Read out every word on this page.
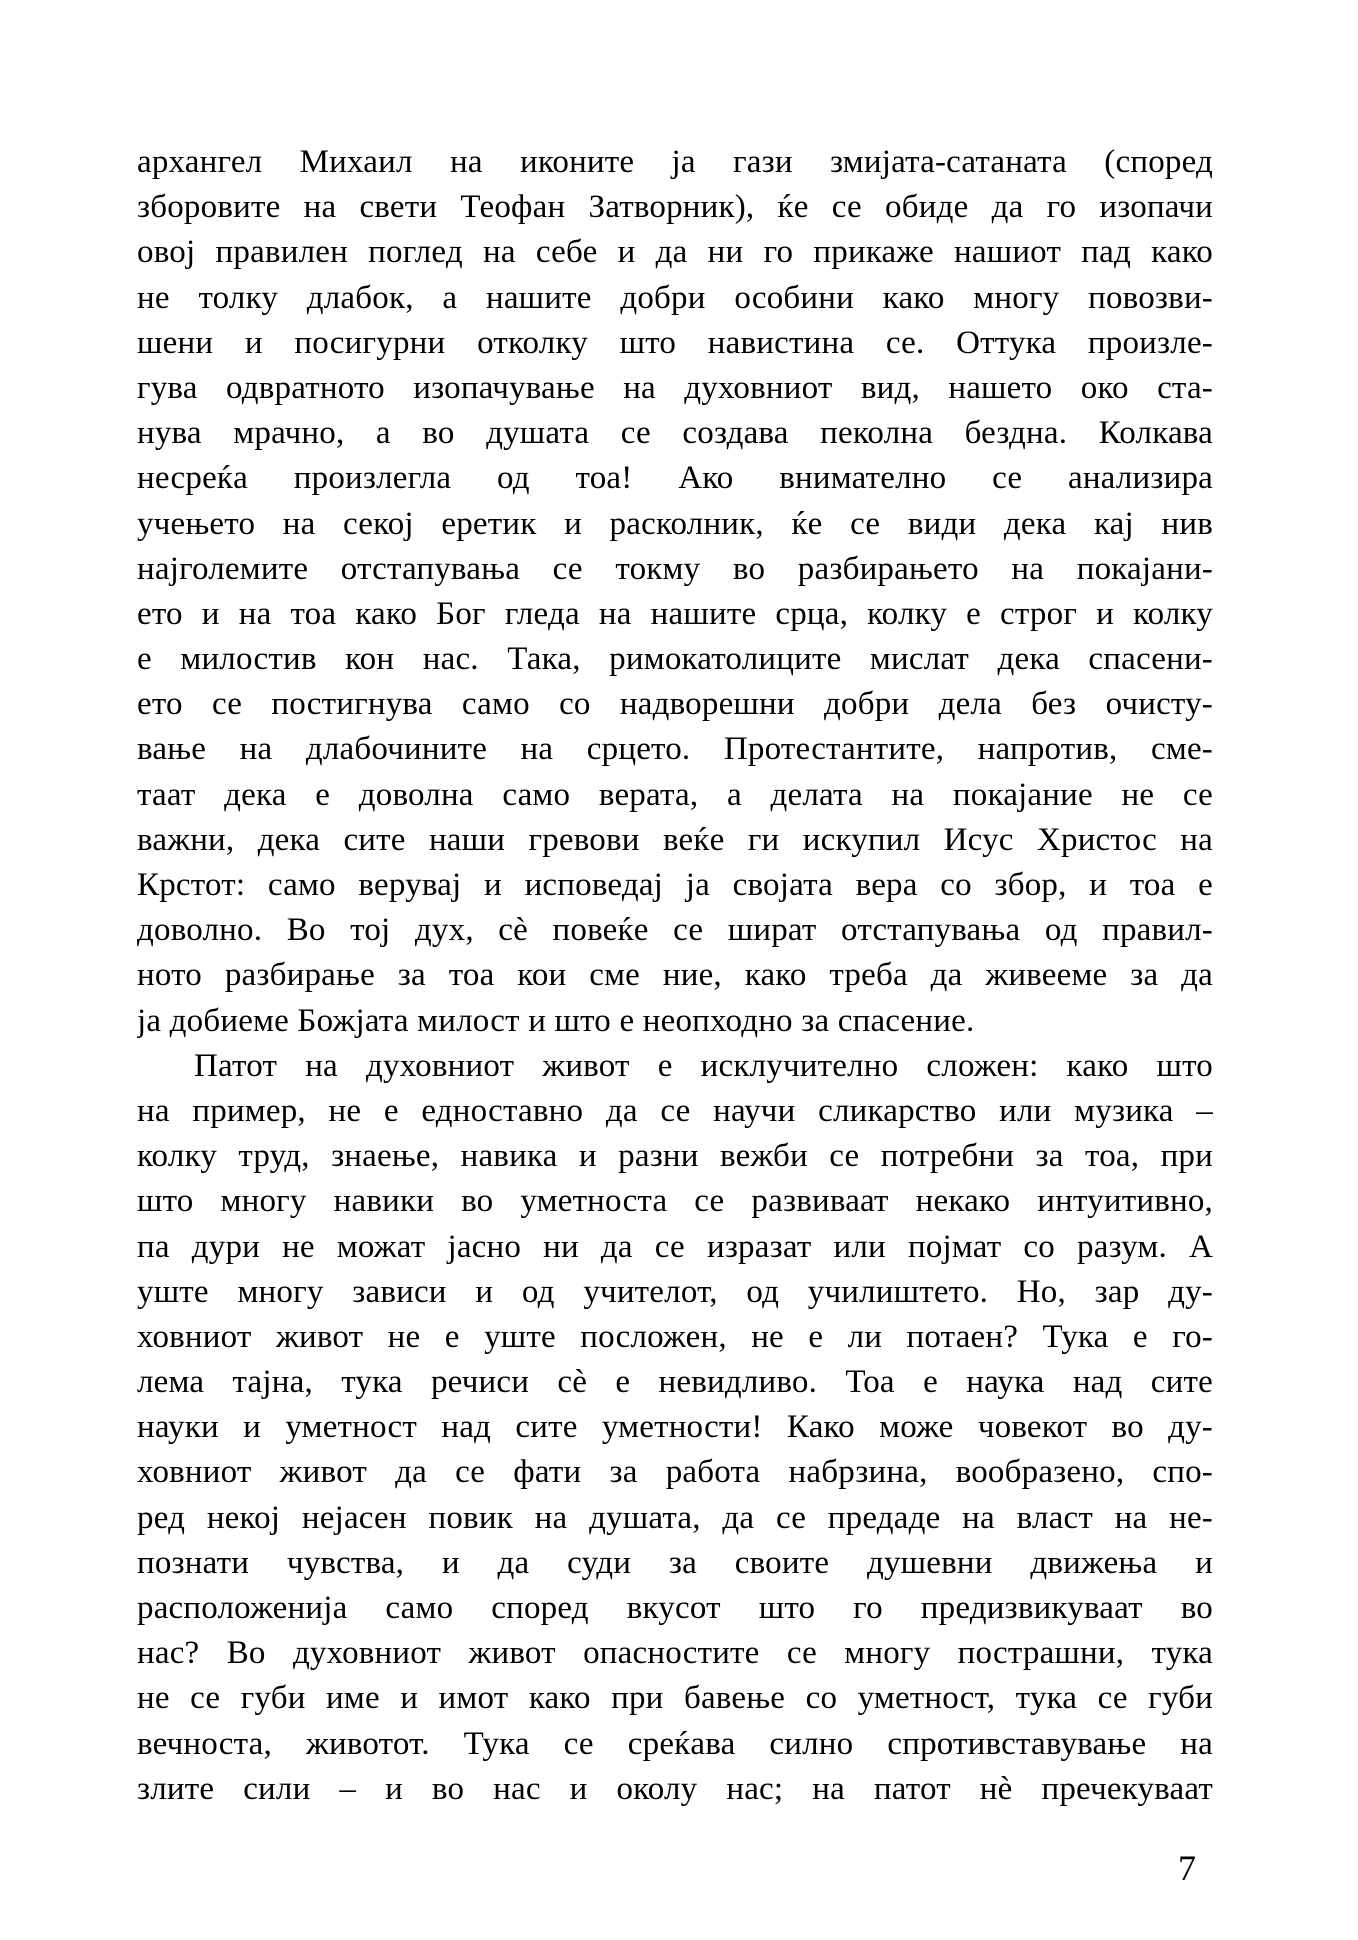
архангел Михаил на иконите ја гази змијата-сатаната (според
зборовите на свети Теофан Затворник), ќе се обиде да го изопачи
овој правилен поглед на себе и да ни го прикаже нашиот пад како
не толку длабок, а нашите добри особини како многу повозви-
шени и посигурни отколку што навистина се. Оттука произле-
гува одвратното изопачување на духовниот вид, нашето око ста-
нува мрачно, а во душата се создава пеколна бездна. Колкава
несреќа произлегла од тоа! Ако внимателно се анализира
учењето на секој еретик и расколник, ќе се види дека кај нив
најголемите отстапувања се токму во разбирањето на покајани-
ето и на тоа како Бог гледа на нашите срца, колку е строг и колку
е милостив кон нас. Така, римокатолиците мислат дека спасени-
ето се постигнува само со надворешни добри дела без очисту-
вање на длабочините на срцето. Протестантите, напротив, сме-
таат дека е доволна само верата, а делата на покајание не се
важни, дека сите наши гревови веќе ги искупил Исус Христос на
Крстот: само верувај и исповедај ја својата вера со збор, и тоа е
доволно. Во тој дух, сѐ повеќе се шират отстапувања од правил-
ното разбирање за тоа кои сме ние, како треба да живееме за да
ја добиеме Божјата милост и што е неопходно за спасение.
Патот на духовниот живот е исклучително сложен: како што
на пример, не е едноставно да се научи сликарство или музика –
колку труд, знаење, навика и разни вежби се потребни за тоа, при
што многу навики во уметноста се развиваат некако интуитивно,
па дури не можат јасно ни да се изразат или појмат со разум. А
уште многу зависи и од учителот, од училиштето. Но, зар ду-
ховниот живот не е уште посложен, не е ли потаен? Тука е го-
лема тајна, тука речиси сѐ е невидливо. Тоа е наука над сите
науки и уметност над сите уметности! Како може човекот во ду-
ховниот живот да се фати за работа набрзина, вообразено, спо-
ред некој нејасен повик на душата, да се предаде на власт на не-
познати чувства, и да суди за своите душевни движења и
расположенија само според вкусот што го предизвикуваат во
нас? Во духовниот живот опасностите се многу пострашни, тука
не се губи име и имот како при бавење со уметност, тука се губи
вечноста, животот. Тука се среќава силно спротивставување на
злите сили – и во нас и околу нас; на патот нѐ пречекуваат
7
